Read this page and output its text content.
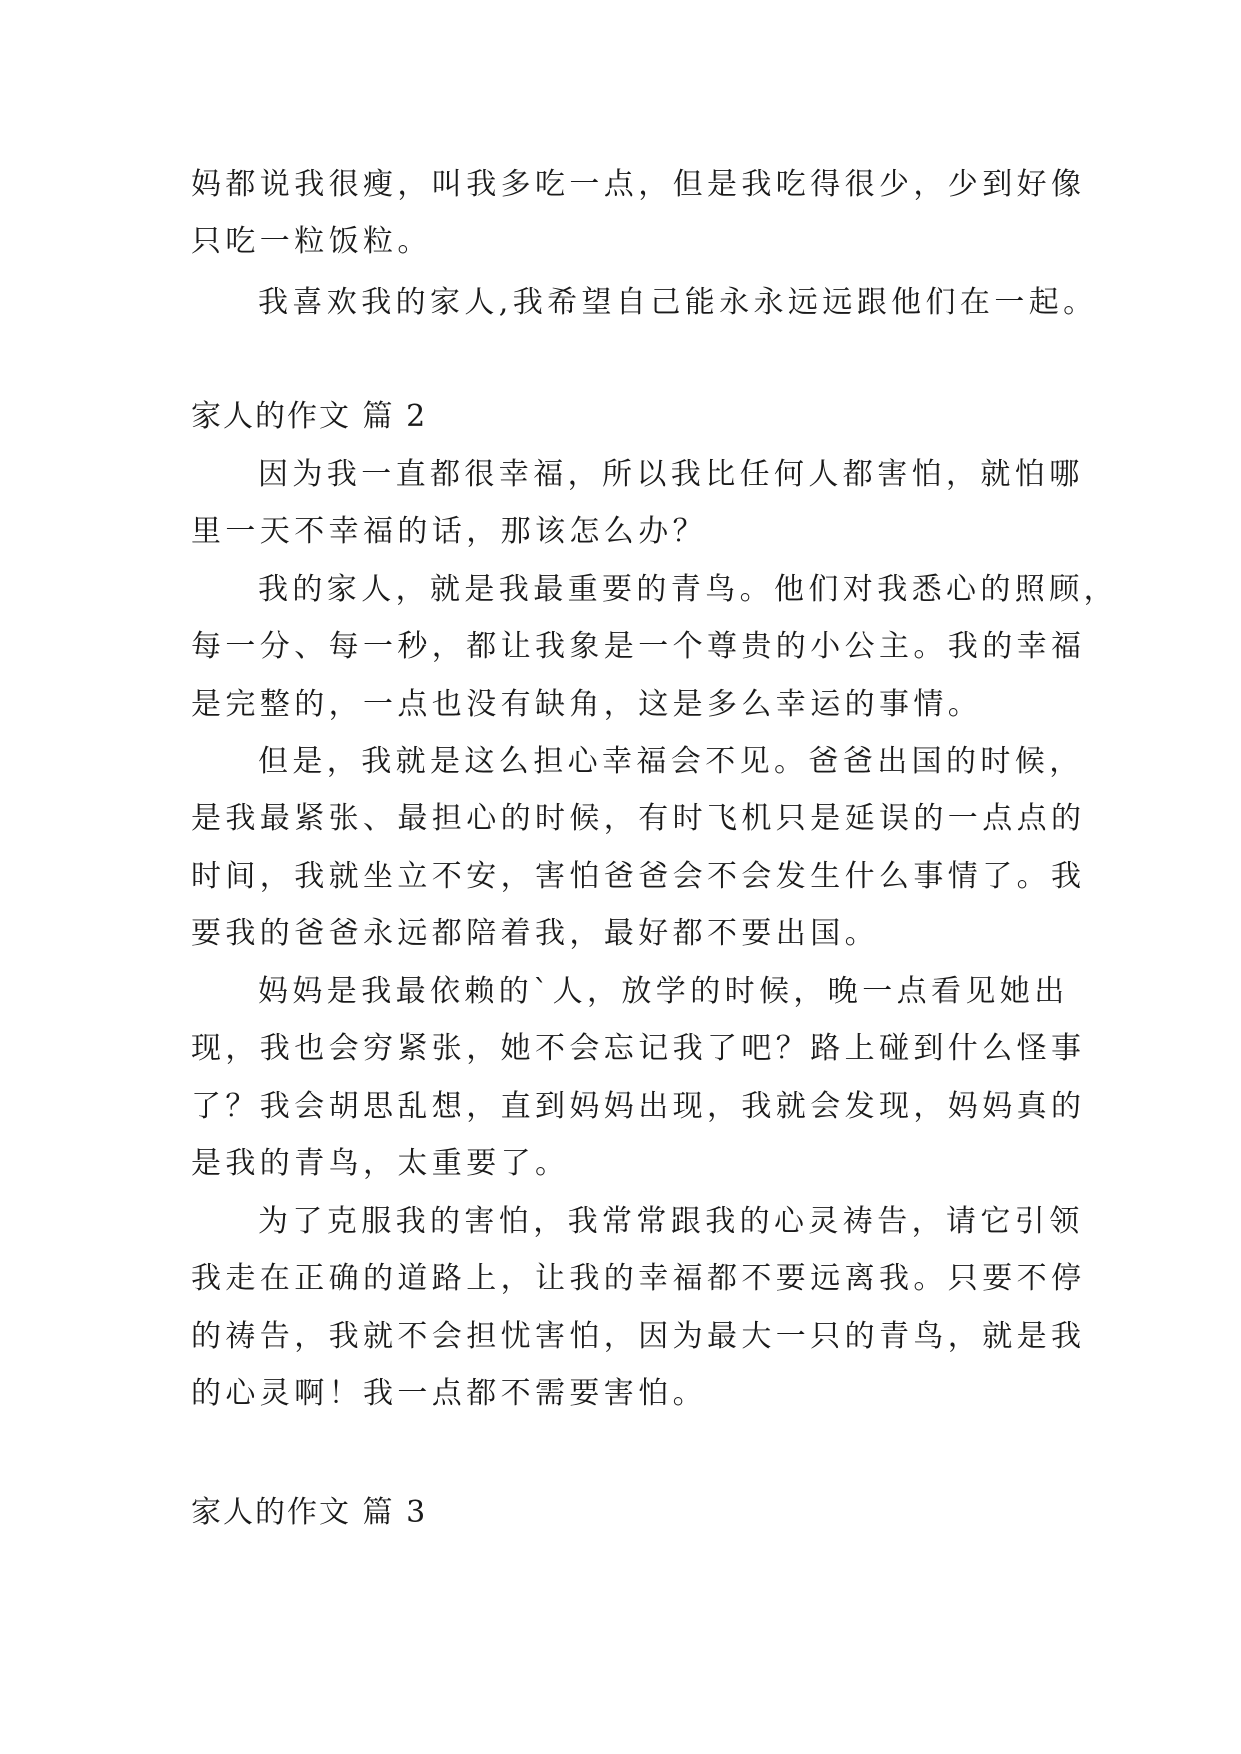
妈都说我很瘦，叫我多吃一点，但是我吃得很少，少到好像

只吃一粒饭粒。

我喜欢我的家人,我希望自己能永永远远跟他们在一起。

家人的作文 篇 2

因为我一直都很幸福，所以我比任何人都害怕，就怕哪

里一天不幸福的话，那该怎么办？

我的家人，就是我最重要的青鸟。他们对我悉心的照顾，

每一分、每一秒，都让我象是一个尊贵的小公主。我的幸福

是完整的，一点也没有缺角，这是多么幸运的事情。

但是，我就是这么担心幸福会不见。爸爸出国的时候，

是我最紧张、最担心的时候，有时飞机只是延误的一点点的

时间，我就坐立不安，害怕爸爸会不会发生什么事情了。我

要我的爸爸永远都陪着我，最好都不要出国。

妈妈是我最依赖的`人，放学的时候，晚一点看见她出

现，我也会穷紧张，她不会忘记我了吧？路上碰到什么怪事

了？我会胡思乱想，直到妈妈出现，我就会发现，妈妈真的

是我的青鸟，太重要了。

为了克服我的害怕，我常常跟我的心灵祷告，请它引领

我走在正确的道路上，让我的幸福都不要远离我。只要不停

的祷告，我就不会担忧害怕，因为最大一只的青鸟，就是我

的心灵啊！我一点都不需要害怕。

家人的作文 篇 3
